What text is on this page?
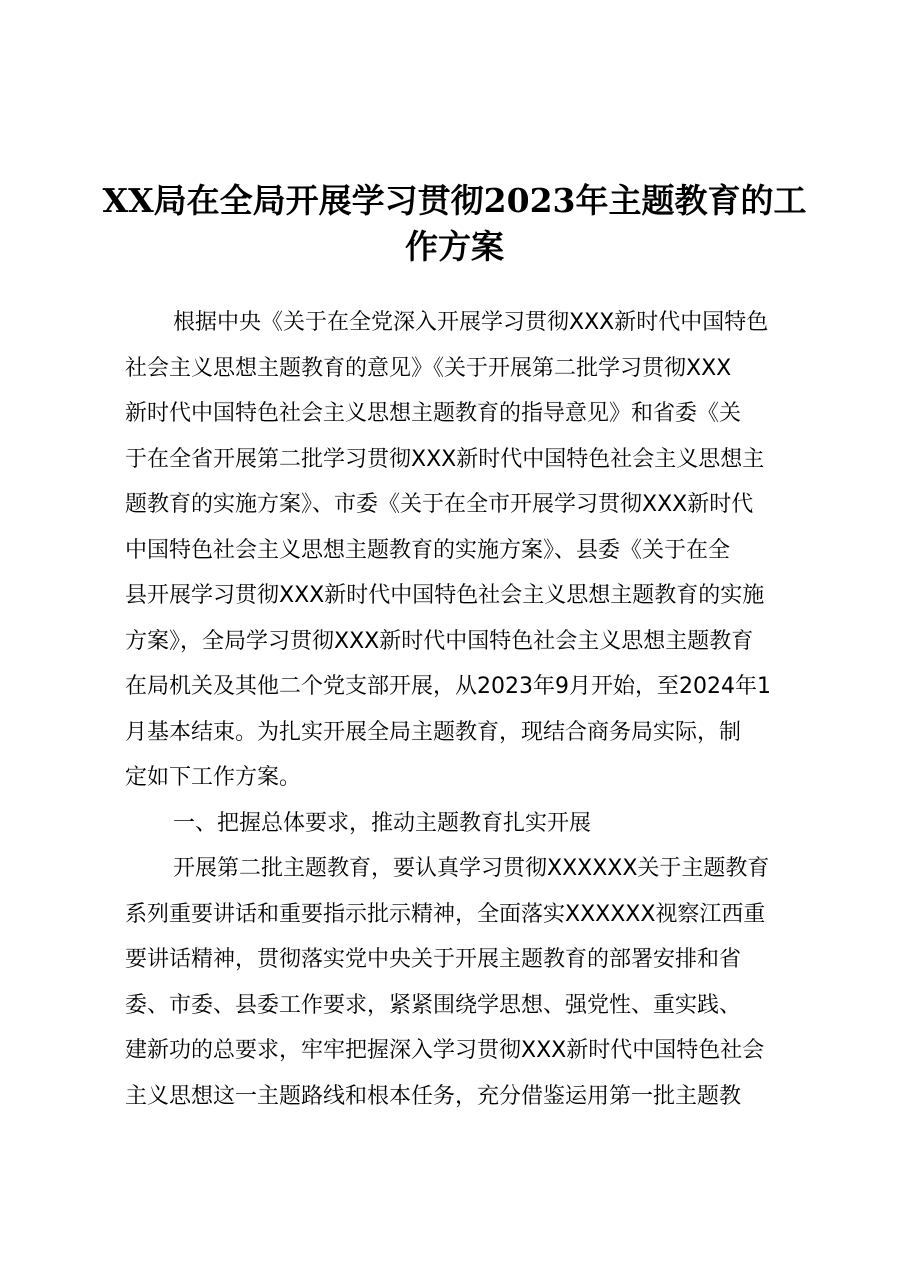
XX局在全局开展学习贯彻2023年主题教育的工
作方案
根据中央《关于在全党深入开展学习贯彻XXX新时代中国特色
社会主义思想主题教育的意见》《关于开展第二批学习贯彻XXX
新时代中国特色社会主义思想主题教育的指导意见》和省委《关
于在全省开展第二批学习贯彻XXX新时代中国特色社会主义思想主
题教育的实施方案》、市委《关于在全市开展学习贯彻XXX新时代
中国特色社会主义思想主题教育的实施方案》、县委《关于在全
县开展学习贯彻XXX新时代中国特色社会主义思想主题教育的实施
方案》，全局学习贯彻XXX新时代中国特色社会主义思想主题教育
在局机关及其他二个党支部开展，从2023年9月开始，至2024年1
月基本结束。为扎实开展全局主题教育，现结合商务局实际，制
定如下工作方案。
一、把握总体要求，推动主题教育扎实开展
开展第二批主题教育，要认真学习贯彻XXXXXX关于主题教育
系列重要讲话和重要指示批示精神，全面落实XXXXXX视察江西重
要讲话精神，贯彻落实党中央关于开展主题教育的部署安排和省
委、市委、县委工作要求，紧紧围绕学思想、强党性、重实践、
建新功的总要求，牢牢把握深入学习贯彻XXX新时代中国特色社会
主义思想这一主题路线和根本任务，充分借鉴运用第一批主题教
